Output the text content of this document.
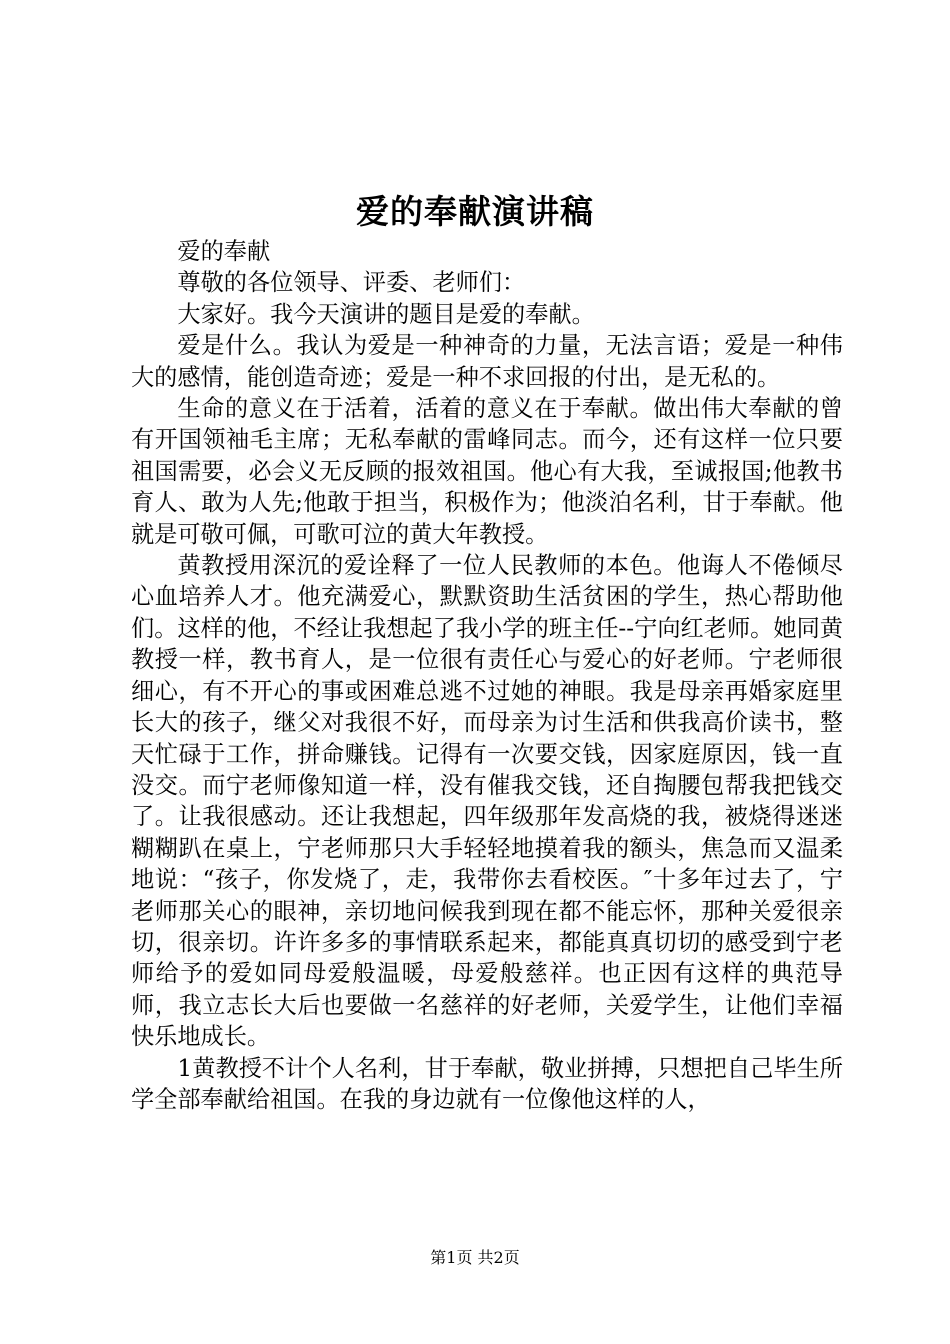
爱的奉献演讲稿

爱的奉献

尊敬的各位领导、评委、老师们：

大家好。我今天演讲的题目是爱的奉献。

爱是什么。我认为爱是一种神奇的力量，无法言语；爱是一种伟大的感情，能创造奇迹；爱是一种不求回报的付出，是无私的。

生命的意义在于活着，活着的意义在于奉献。做出伟大奉献的曾有开国领袖毛主席；无私奉献的雷峰同志。而今，还有这样一位只要祖国需要，必会义无反顾的报效祖国。他心有大我，至诚报国;他教书育人、敢为人先;他敢于担当，积极作为；他淡泊名利，甘于奉献。他就是可敬可佩，可歌可泣的黄大年教授。

黄教授用深沉的爱诠释了一位人民教师的本色。他诲人不倦倾尽心血培养人才。他充满爱心，默默资助生活贫困的学生，热心帮助他们。这样的他，不经让我想起了我小学的班主任--宁向红老师。她同黄教授一样，教书育人，是一位很有责任心与爱心的好老师。宁老师很细心，有不开心的事或困难总逃不过她的神眼。我是母亲再婚家庭里长大的孩子，继父对我很不好，而母亲为讨生活和供我高价读书，整天忙碌于工作，拼命赚钱。记得有一次要交钱，因家庭原因，钱一直没交。而宁老师像知道一样，没有催我交钱，还自掏腰包帮我把钱交了。让我很感动。还让我想起，四年级那年发高烧的我，被烧得迷迷糊糊趴在桌上，宁老师那只大手轻轻地摸着我的额头，焦急而又温柔地说：“孩子，你发烧了，走，我带你去看校医。″十多年过去了，宁老师那关心的眼神，亲切地问候我到现在都不能忘怀，那种关爱很亲切，很亲切。许许多多的事情联系起来，都能真真切切的感受到宁老师给予的爱如同母爱般温暖，母爱般慈祥。也正因有这样的典范导师，我立志长大后也要做一名慈祥的好老师，关爱学生，让他们幸福快乐地成长。

1黄教授不计个人名利，甘于奉献，敬业拼搏，只想把自己毕生所学全部奉献给祖国。在我的身边就有一位像他这样的人，

第1页 共2页
